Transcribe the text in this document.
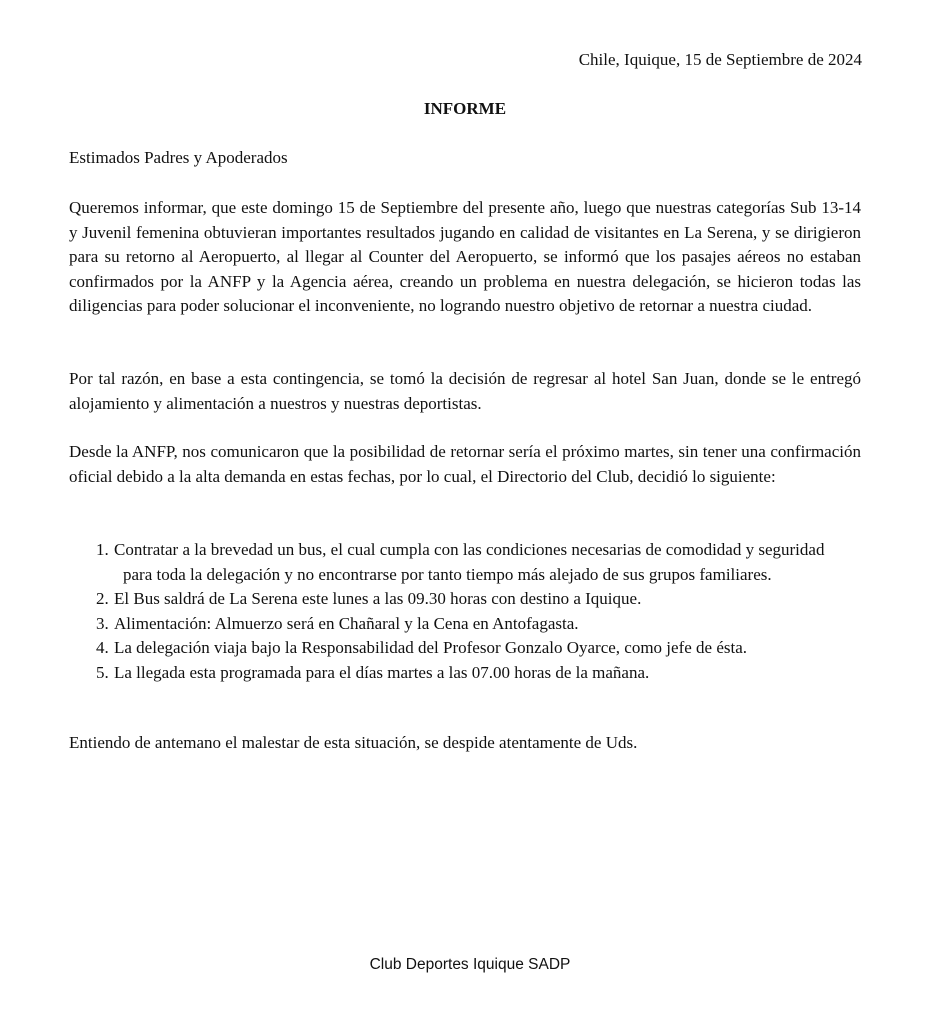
Chile, Iquique, 15 de Septiembre de 2024
INFORME
Estimados Padres y Apoderados

Queremos informar, que este domingo 15 de Septiembre del presente año, luego que nuestras categorías Sub 13-14 y Juvenil femenina obtuvieran importantes resultados jugando en calidad de visitantes en La Serena, y se dirigieron para su retorno al Aeropuerto, al llegar al Counter del Aeropuerto, se informó que los pasajes aéreos no estaban confirmados por la ANFP y la Agencia aérea, creando un problema en nuestra delegación, se hicieron todas las diligencias para poder solucionar el inconveniente, no logrando nuestro objetivo de retornar a nuestra ciudad.

Por tal razón, en base a esta contingencia, se tomó la decisión de regresar al hotel San Juan, donde se le entregó alojamiento y alimentación a nuestros y nuestras deportistas.

Desde la ANFP, nos comunicaron que la posibilidad de retornar sería el próximo martes, sin tener una confirmación oficial debido a la alta demanda en estas fechas, por lo cual, el Directorio del Club, decidió lo siguiente:

1. Contratar a la brevedad un bus, el cual cumpla con las condiciones necesarias de comodidad y seguridad
para toda la delegación y no encontrarse por tanto tiempo más alejado de sus grupos familiares.
2. El Bus saldrá de La Serena este lunes a las 09.30 horas con destino a Iquique.
3. Alimentación: Almuerzo será en Chañaral y la Cena en Antofagasta.
4. La delegación viaja bajo la Responsabilidad del Profesor Gonzalo Oyarce, como jefe de ésta.
5. La llegada esta programada para el días martes a las 07.00 horas de la mañana.
Entiendo de antemano el malestar de esta situación, se despide atentamente de Uds.
Club Deportes Iquique SADP
